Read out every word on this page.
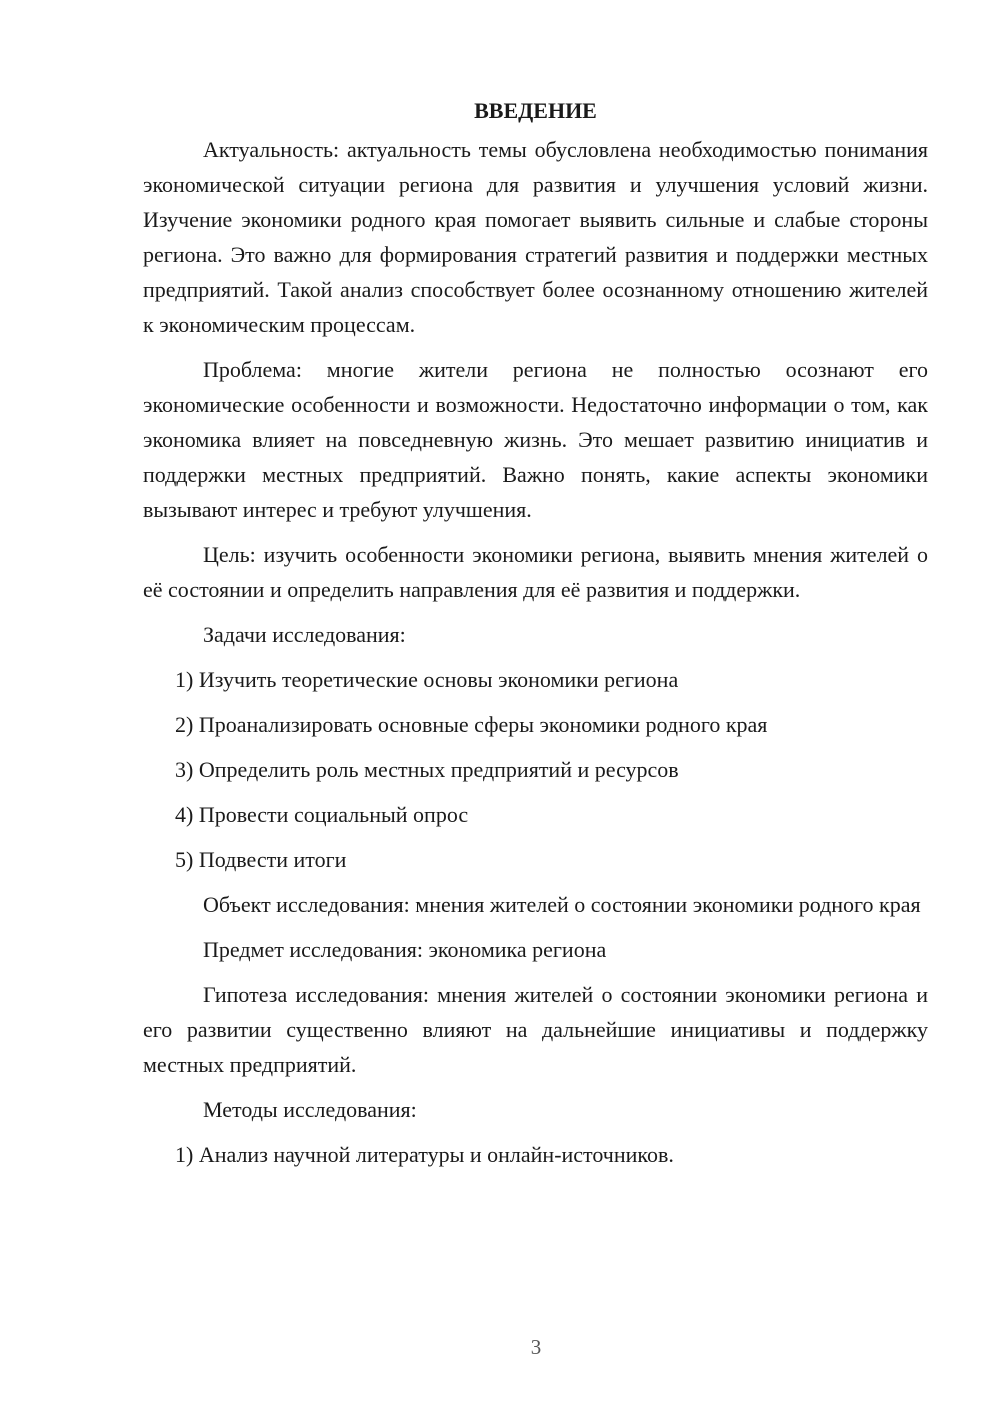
ВВЕДЕНИЕ

Актуальность: актуальность темы обусловлена необходимостью понимания экономической ситуации региона для развития и улучшения условий жизни. Изучение экономики родного края помогает выявить сильные и слабые стороны региона. Это важно для формирования стратегий развития и поддержки местных предприятий. Такой анализ способствует более осознанному отношению жителей к экономическим процессам.

Проблема: многие жители региона не полностью осознают его экономические особенности и возможности. Недостаточно информации о том, как экономика влияет на повседневную жизнь. Это мешает развитию инициатив и поддержки местных предприятий. Важно понять, какие аспекты экономики вызывают интерес и требуют улучшения.

Цель: изучить особенности экономики региона, выявить мнения жителей о её состоянии и определить направления для её развития и поддержки.

Задачи исследования:

1) Изучить теоретические основы экономики региона
2) Проанализировать основные сферы экономики родного края
3) Определить роль местных предприятий и ресурсов
4) Провести социальный опрос
5) Подвести итоги

Объект исследования: мнения жителей о состоянии экономики родного края

Предмет исследования: экономика региона

Гипотеза исследования: мнения жителей о состоянии экономики региона и его развитии существенно влияют на дальнейшие инициативы и поддержку местных предприятий.

Методы исследования:

1) Анализ научной литературы и онлайн-источников.
3
